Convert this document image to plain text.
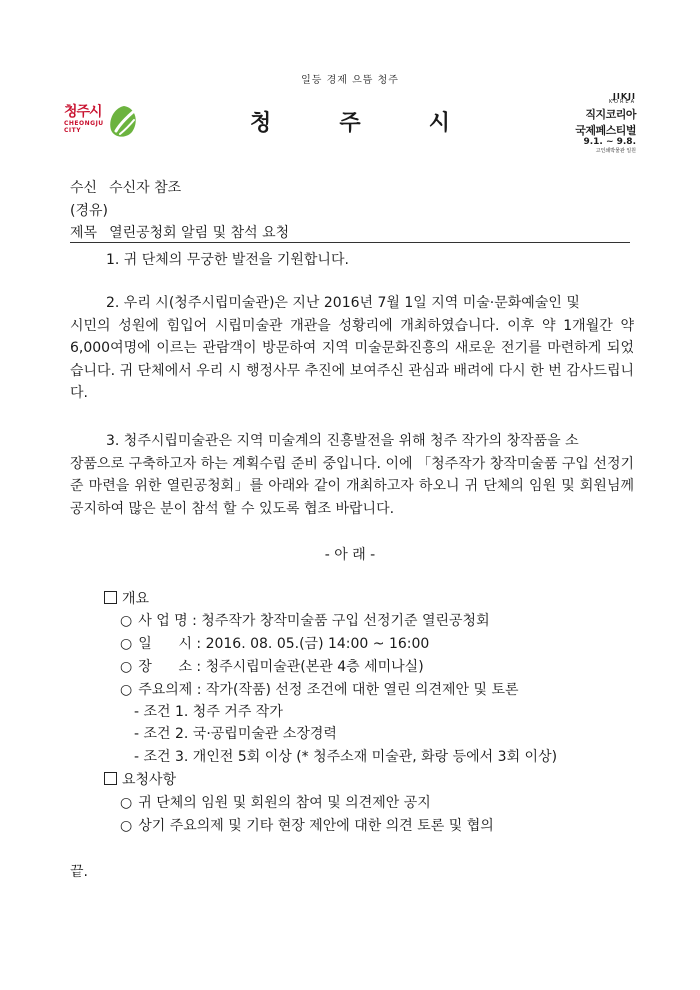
일등 경제 으뜸 청주
청주시
CHEONGJU
CITY	청	주	시
JIKJI
KOREA
직지코리아
국제페스티벌
9.1. ~ 9.8.
고인쇄박물관 일원
수신 수신자 참조
(경유)
제목 열린공청회 알림 및 참석 요청
1. 귀 단체의 무궁한 발전을 기원합니다.
2. 우리 시(청주시립미술관)은 지난 2016년 7월 1일 지역 미술·문화예술인 및
시민의 성원에 힘입어 시립미술관 개관을 성황리에 개최하였습니다. 이후 약 1개월간 약 6,000여명에 이르는 관람객이 방문하여 지역 미술문화진흥의 새로운 전기를 마련하게 되었습니다. 귀 단체에서 우리 시 행정사무 추진에 보여주신 관심과 배려에 다시 한 번 감사드립니다.
3. 청주시립미술관은 지역 미술계의 진흥발전을 위해 청주 작가의 창작품을 소
장품으로 구축하고자 하는 계획수립 준비 중입니다. 이에 「청주작가 창작미술품 구입 선정기준 마련을 위한 열린공청회」를 아래와 같이 개최하고자 하오니 귀 단체의 임원 및 회원님께 공지하여 많은 분이 참석 할 수 있도록 협조 바랍니다.
- 아 래 -
개요
○ 사 업 명 : 청주작가 창작미술품 구입 선정기준 열린공청회
○ 일      시 : 2016. 08. 05.(금) 14:00 ~ 16:00
○ 장      소 : 청주시립미술관(본관 4층 세미나실)
○ 주요의제 : 작가(작품) 선정 조건에 대한 열린 의견제안 및 토론
- 조건 1. 청주 거주 작가
- 조건 2. 국·공립미술관 소장경력
- 조건 3. 개인전 5회 이상 (* 청주소재 미술관, 화랑 등에서 3회 이상)
요청사항
○ 귀 단체의 임원 및 회원의 참여 및 의견제안 공지
○ 상기 주요의제 및 기타 현장 제안에 대한 의견 토론 및 협의
끝.
